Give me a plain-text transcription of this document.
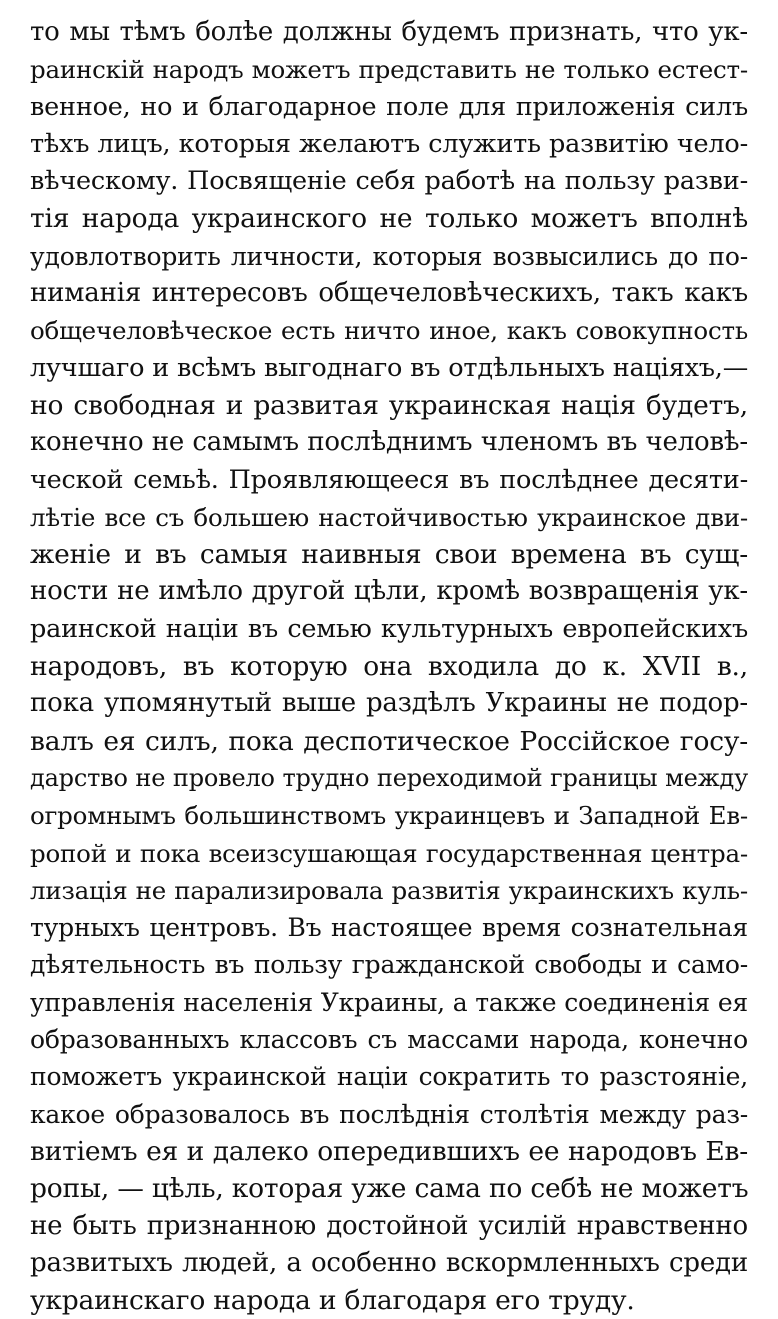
то мы тѣмъ болѣе должны будемъ признать, что ук-
раинскій народъ можетъ представить не только естест-
венное, но и благодарное поле для приложенія силъ
тѣхъ лицъ, которыя желаютъ служить развитію чело-
вѣческому. Посвященіе себя работѣ на пользу разви-
тія народа украинского не только можетъ вполнѣ
удовлотворить личности, которыя возвысились до по-
ниманія интересовъ общечеловѣческихъ, такъ какъ
общечеловѣческое есть ничто иное, какъ совокупность
лучшаго и всѣмъ выгоднаго въ отдѣльныхъ націяхъ,—
но свободная и развитая украинская нація будетъ,
конечно не самымъ послѣднимъ членомъ въ человѣ-
ческой семьѣ. Проявляющееся въ послѣднее десяти-
лѣтіе все съ большею настойчивостью украинское дви-
женіе и въ самыя наивныя свои времена въ сущ-
ности не имѣло другой цѣли, кромѣ возвращенія ук-
раинской націи въ семью культурныхъ европейскихъ
народовъ, въ которую она входила до к. XVII в.,
пока упомянутый выше раздѣлъ Украины не подор-
валъ ея силъ, пока деспотическое Россійское госу-
дарство не провело трудно переходимой границы между
огромнымъ большинствомъ украинцевъ и Западной Ев-
ропой и пока всеизсушающая государственная центра-
лизація не парализировала развитія украинскихъ куль-
турныхъ центровъ. Въ настоящее время сознательная
дѣятельность въ пользу гражданской свободы и само-
управленія населенія Украины, а также соединенія ея
образованныхъ классовъ съ массами народа, конечно
поможетъ украинской націи сократить то разстояніе,
какое образовалось въ послѣднія столѣтія между раз-
витіемъ ея и далеко опередившихъ ее народовъ Ев-
ропы, — цѣль, которая уже сама по себѣ не можетъ
не быть признанною достойной усилій нравственно
развитыхъ людей, а особенно вскормленныхъ среди
украинскаго народа и благодаря его труду.
